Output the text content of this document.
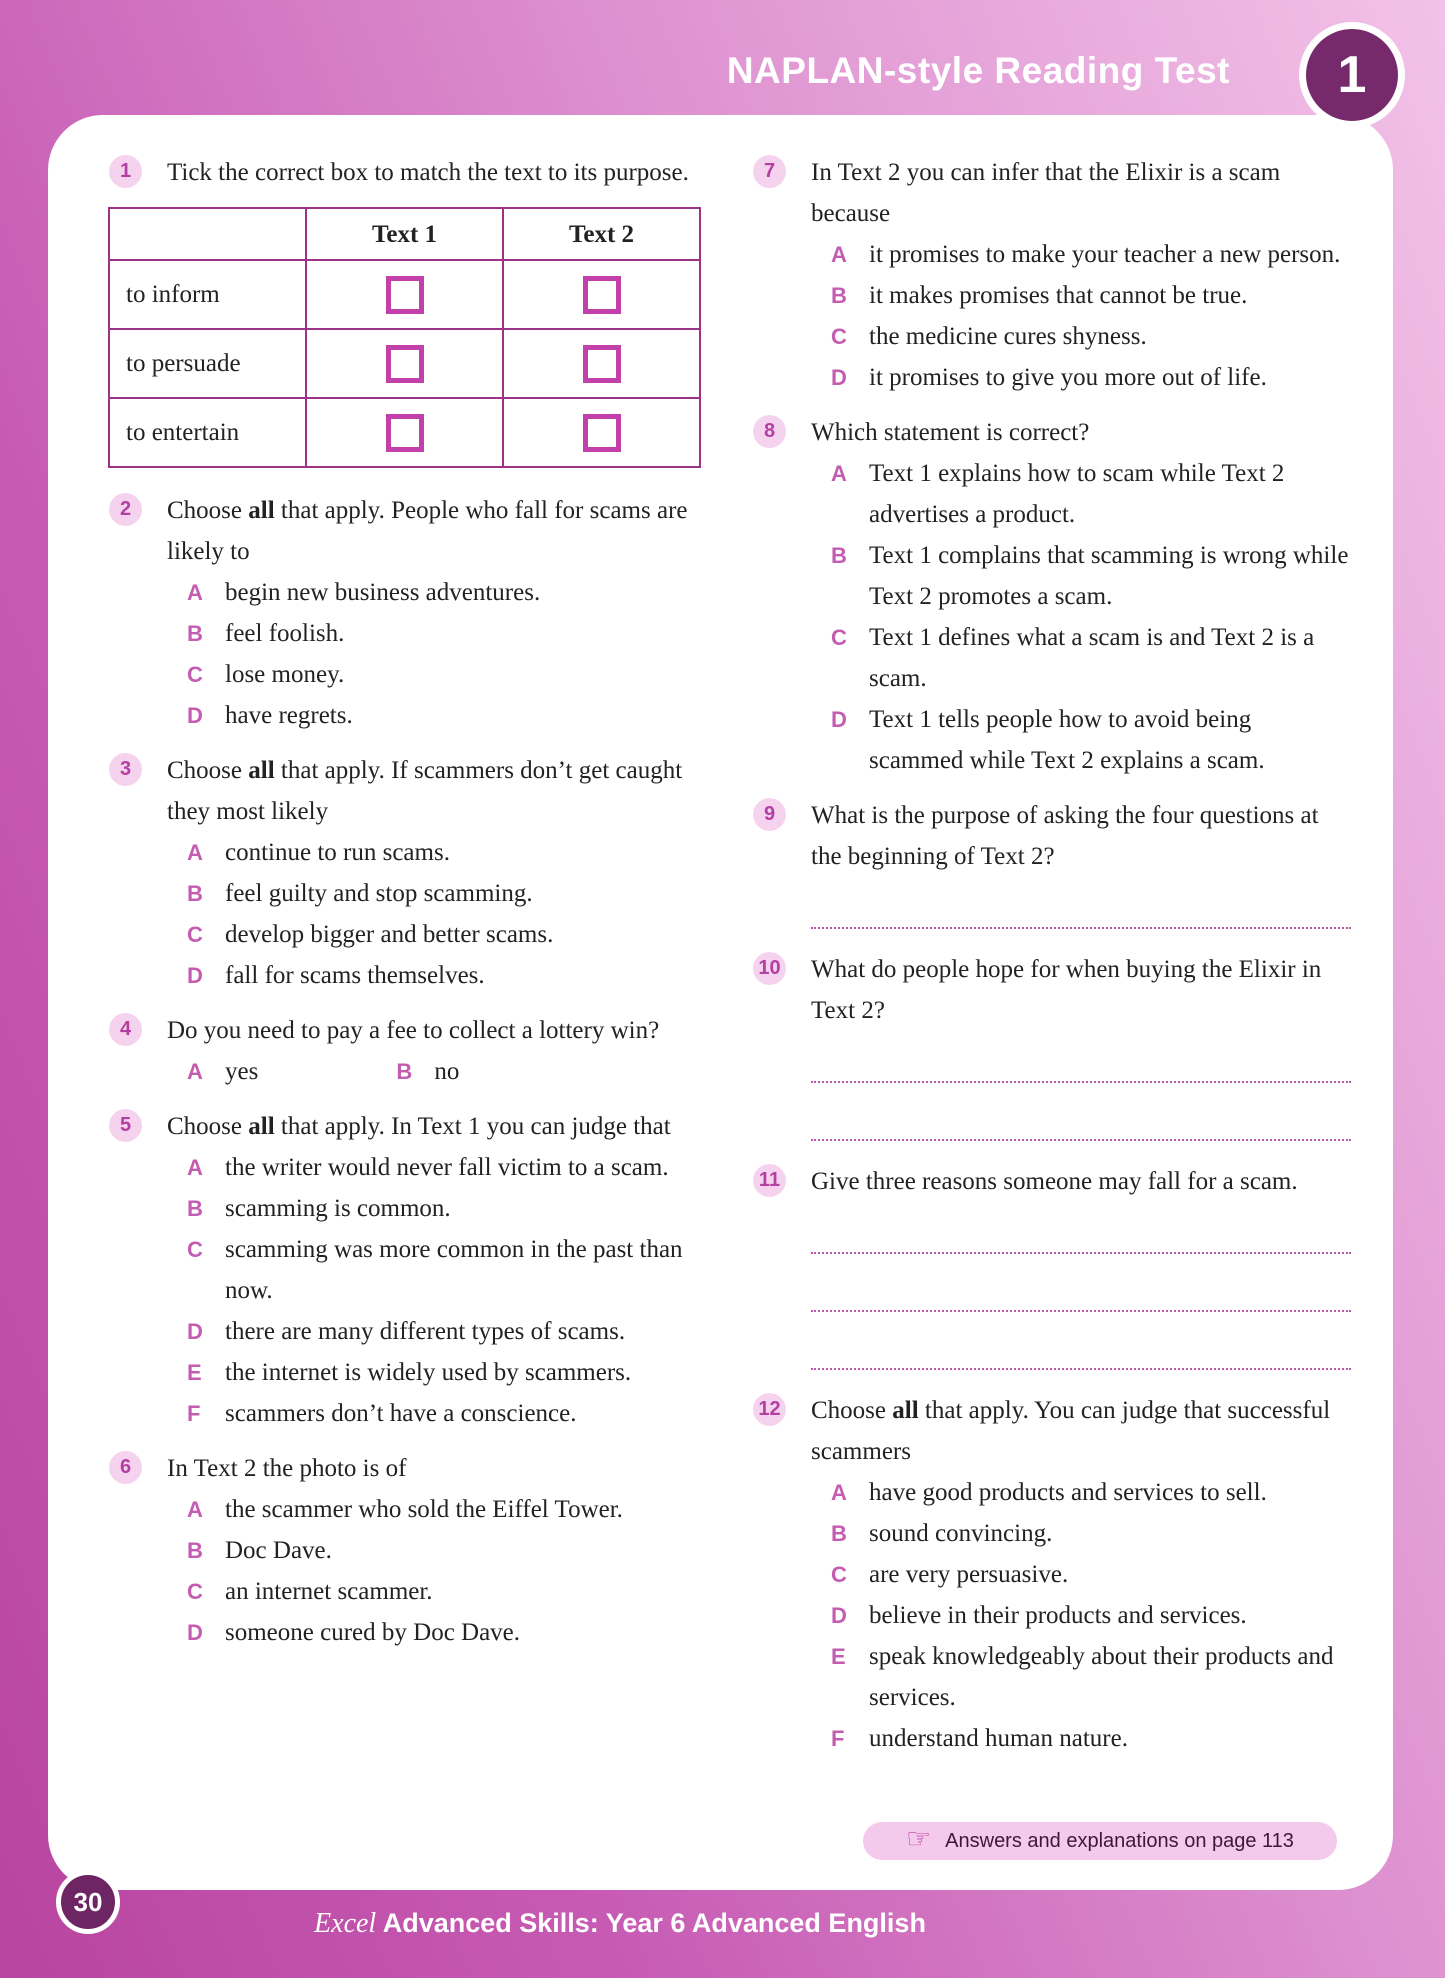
NAPLAN-style Reading Test 1
1	Tick the correct box to match the text to its purpose.
	Text 1	Text 2
to inform	

to persuade	

to entertain	

2	Choose all that apply. People who fall for scams are likely to
A begin new business adventures.
B feel foolish.
C lose money.
D have regrets.
3	Choose all that apply. If scammers don’t get caught they most likely
A continue to run scams.
B feel guilty and stop scamming.
C develop bigger and better scams.
D fall for scams themselves.
4	Do you need to pay a fee to collect a lottery win?
A yes	B no
5	Choose all that apply. In Text 1 you can judge that
A the writer would never fall victim to a scam.
B scamming is common.
C scamming was more common in the past than now.
D there are many different types of scams.
E the internet is widely used by scammers.
F scammers don’t have a conscience.
6	In Text 2 the photo is of
A the scammer who sold the Eiffel Tower.
B Doc Dave.
C an internet scammer.
D someone cured by Doc Dave.
7	In Text 2 you can infer that the Elixir is a scam because
A it promises to make your teacher a new person.
B it makes promises that cannot be true.
C the medicine cures shyness.
D it promises to give you more out of life.
8	Which statement is correct?
A Text 1 explains how to scam while Text 2 advertises a product.
B Text 1 complains that scamming is wrong while Text 2 promotes a scam.
C Text 1 defines what a scam is and Text 2 is a scam.
D Text 1 tells people how to avoid being scammed while Text 2 explains a scam.
9	What is the purpose of asking the four questions at the beginning of Text 2?
10 What do people hope for when buying the Elixir in Text 2?
11 Give three reasons someone may fall for a scam.
12 Choose all that apply. You can judge that successful scammers
A have good products and services to sell.
B sound convincing.
C are very persuasive.
D believe in their products and services.
E speak knowledgeably about their products and services.
F understand human nature.
☞ Answers and explanations on page 113
30
Excel Advanced Skills: Year 6 Advanced English
